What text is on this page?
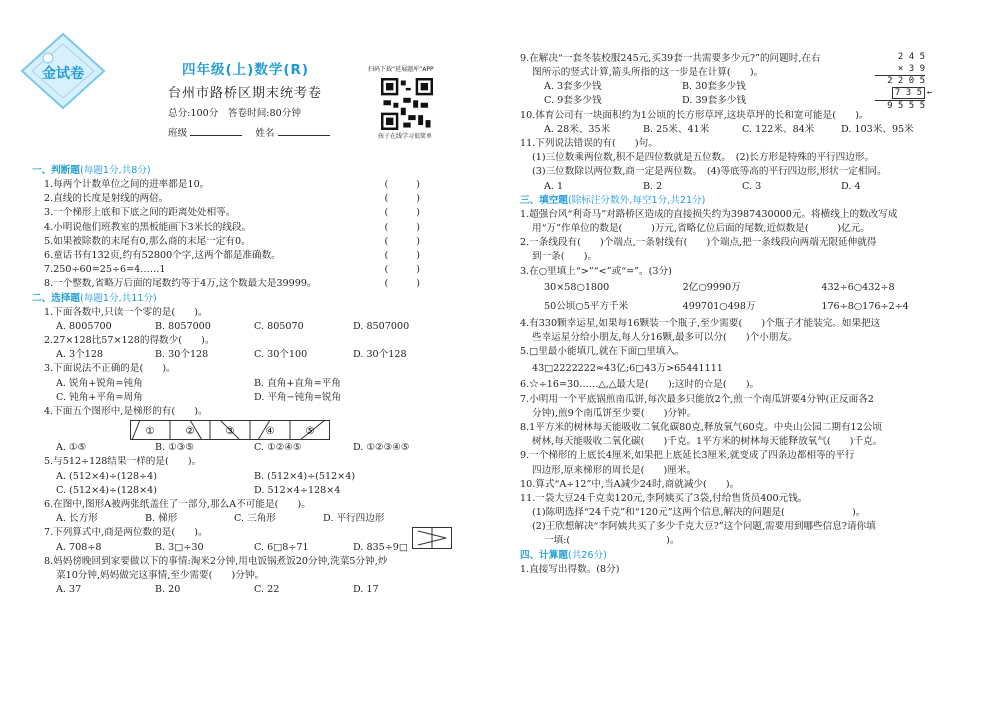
金试卷	四年级(上)数学(R)
台州市路桥区期末统考卷
总分:100分　答卷时间:80分钟
班级	姓名
扫码下载“延展题库”APP
孩子在线学习很简单
一、判断题 (每题1分,共8分)
1.每两个计数单位之间的进率都是10。	()
2.直线的长度是射线的两倍。	()
3.一个梯形上底和下底之间的距离处处相等。	()
4.小明说他们班教室的黑板能画下3米长的线段。	()
5.如果被除数的末尾有0,那么商的末尾一定有0。	()
6.童话书有132页,约有52800个字,这两个都是准确数。	()
7.250÷60=25÷6=4……1	()
8.一个整数,省略万后面的尾数约等于4万,这个数最大是39999。	()
二、选择题 (每题1分,共11分)
1.下面各数中,只读一个零的是(　　)。
A. 8005700	B. 8057000	C. 805070	D. 8507000
2.27×128比57×128的得数少(　　)。
A. 3个128	B. 30个128	C. 30个100	D. 30个128
3.下面说法不正确的是(　　)。
A. 锐角+锐角=钝角	B. 直角+直角=平角
C. 钝角+平角=周角	D. 平角−钝角=锐角
4.下面五个图形中,是梯形的有(　　)。
①	②	③	④	⑤
A. ①⑤	B. ①③⑤	C. ①②④⑤	D. ①②③④⑤
5.与512÷128结果一样的是(　　)。
A. (512×4)÷(128÷4)	B. (512×4)÷(512×4)
C. (512×4)÷(128×4)	D. 512×4÷128×4
6.在图中,图形A被两张纸盖住了一部分,那么A不可能是(　　)。
A. 长方形	B. 梯形	C. 三角形	D. 平行四边形
7.下列算式中,商是两位数的是(　　)。
A. 708÷8	B. 3□÷30	C. 6□8÷71	D. 835÷9□
8.妈妈傍晚回到家要做以下的事情:淘米2分钟,用电饭锅煮饭20分钟,洗菜5分钟,炒
菜10分钟,妈妈做完这事情,至少需要(　　)分钟。
A. 37	B. 20	C. 22	D. 17
2 4 5
× 3 9
2 2 0 5
7 3 5 ←
9 5 5 5
9.在解决“一套冬装校服245元,买39套一共需要多少元?”的问题时,在右
图所示的竖式计算,箭头所指的这一步是在计算(　　)。
A. 3套多少钱	B. 30套多少钱
C. 9套多少钱	D. 39套多少钱
10.体育公司有一块面积约为1公顷的长方形草坪,这块草坪的长和宽可能是(　　)。
A. 28米、35米	B. 25米、41米	C. 122米、84米	D. 103米、95米
11.下列说法错误的有(　　)句。
(1)三位数乘两位数,积不是四位数就是五位数。　(2)长方形是特殊的平行四边形。
(3)三位数除以两位数,商一定是两位数。　(4)等底等高的平行四边形,形状一定相同。
A. 1	B. 2	C. 3	D. 4
三、填空题 (除标注分数外,每空1分,共21分)
1.超强台风“利奇马”对路桥区造成的直接损失约为3987430000元。将横线上的数改写成
用“万”作单位的数是(　　　)万元,省略亿位后面的尾数,近似数是(　　　)亿元。
2.一条线段有(　　)个端点,一条射线有(　　)个端点,把一条线段向两端无限延伸就得
到一条(　　)。
3.在○里填上“>”“<”或“=”。(3分)
30×58○1800	2亿○9990万	432÷6○432÷8
50公顷○5平方千米	499701○498万	176÷8○176÷2÷4
4.有330颗幸运星,如果每16颗装一个瓶子,至少需要(　　)个瓶子才能装完。如果把这
些幸运星分给小朋友,每人分16颗,最多可以分(　　)个小朋友。
5.□里最小能填几,就在下面□里填入。
43□2222222≈43亿;6□43万>65441111
6.☆÷16=30……△,△最大是(　　);这时的☆是(　　)。
7.小明用一个平底锅煎南瓜饼,每次最多只能放2个,煎一个南瓜饼要4分钟(正反面各2
分钟),煎9个南瓜饼至少要(　　)分钟。
8.1平方米的树林每天能吸收二氧化碳80克,释放氧气60克。中央山公园二期有12公顷
树林,每天能吸收二氧化碳(　　)千克。1平方米的树林每天能释放氧气(　　)千克。
9.一个梯形的上底长4厘米,如果把上底延长3厘米,就变成了四条边都相等的平行
四边形,原来梯形的周长是(　　)厘米。
10.算式“A÷12”中,当A减少24时,商就减少(　　)。
11.一袋大豆24千克卖120元,李阿姨买了3袋,付给售货员400元钱。
(1)陈明选择“24千克”和“120元”这两个信息,解决的问题是(　　　　　　　)。
(2)王欣想解决“李阿姨共买了多少千克大豆?”这个问题,需要用到哪些信息?请你填
一填:(　　　　　　　　　　)。
四、计算题 (共26分)
1.直接写出得数。(8分)
